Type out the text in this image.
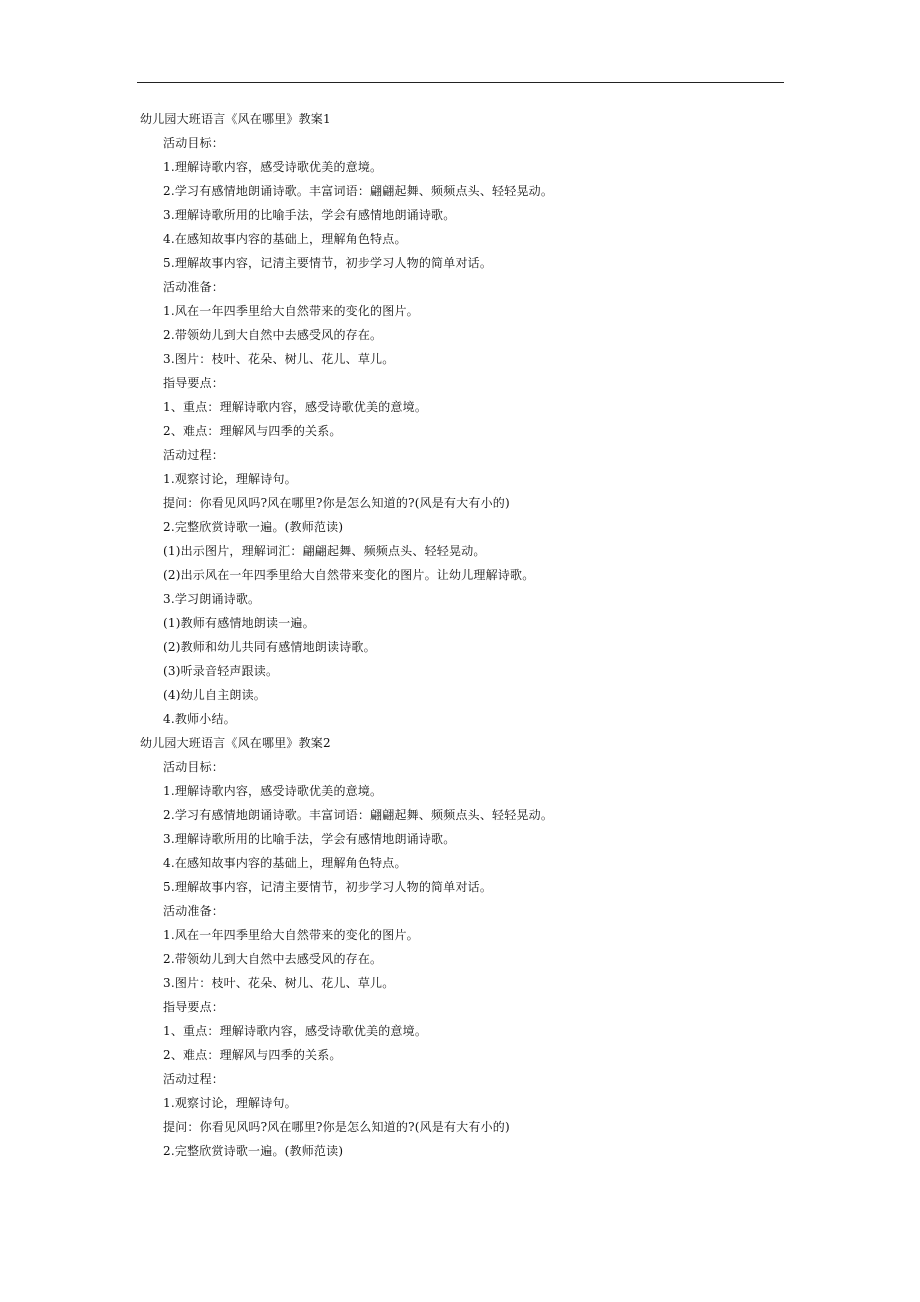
幼儿园大班语言《风在哪里》教案1
活动目标：
1.理解诗歌内容，感受诗歌优美的意境。
2.学习有感情地朗诵诗歌。丰富词语：翩翩起舞、频频点头、轻轻晃动。
3.理解诗歌所用的比喻手法，学会有感情地朗诵诗歌。
4.在感知故事内容的基础上，理解角色特点。
5.理解故事内容，记清主要情节，初步学习人物的简单对话。
活动准备：
1.风在一年四季里给大自然带来的变化的图片。
2.带领幼儿到大自然中去感受风的存在。
3.图片：枝叶、花朵、树儿、花儿、草儿。
指导要点：
1、重点：理解诗歌内容，感受诗歌优美的意境。
2、难点：理解风与四季的关系。
活动过程：
1.观察讨论，理解诗句。
提问：你看见风吗?风在哪里?你是怎么知道的?(风是有大有小的)
2.完整欣赏诗歌一遍。(教师范读)
(1)出示图片，理解词汇：翩翩起舞、频频点头、轻轻晃动。
(2)出示风在一年四季里给大自然带来变化的图片。让幼儿理解诗歌。
3.学习朗诵诗歌。
(1)教师有感情地朗读一遍。
(2)教师和幼儿共同有感情地朗读诗歌。
(3)听录音轻声跟读。
(4)幼儿自主朗读。
4.教师小结。
幼儿园大班语言《风在哪里》教案2
活动目标：
1.理解诗歌内容，感受诗歌优美的意境。
2.学习有感情地朗诵诗歌。丰富词语：翩翩起舞、频频点头、轻轻晃动。
3.理解诗歌所用的比喻手法，学会有感情地朗诵诗歌。
4.在感知故事内容的基础上，理解角色特点。
5.理解故事内容，记清主要情节，初步学习人物的简单对话。
活动准备：
1.风在一年四季里给大自然带来的变化的图片。
2.带领幼儿到大自然中去感受风的存在。
3.图片：枝叶、花朵、树儿、花儿、草儿。
指导要点：
1、重点：理解诗歌内容，感受诗歌优美的意境。
2、难点：理解风与四季的关系。
活动过程：
1.观察讨论，理解诗句。
提问：你看见风吗?风在哪里?你是怎么知道的?(风是有大有小的)
2.完整欣赏诗歌一遍。(教师范读)
